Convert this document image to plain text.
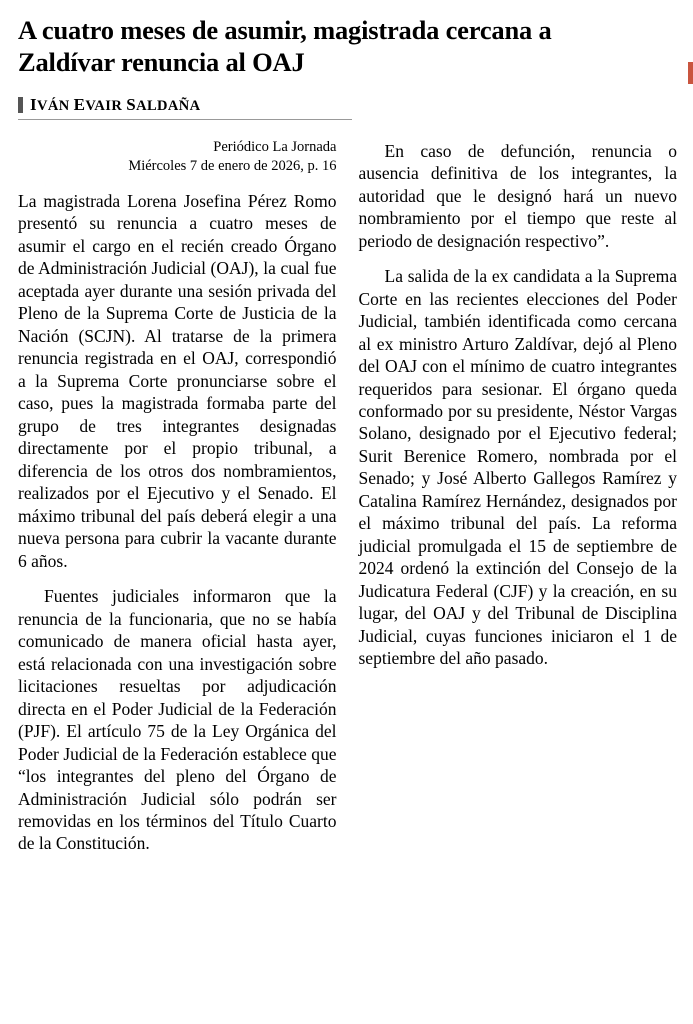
A cuatro meses de asumir, magistrada cercana a Zaldívar renuncia al OAJ
IVÁN EVAIR SALDAÑA
Periódico La Jornada
Miércoles 7 de enero de 2026, p. 16

La magistrada Lorena Josefina Pérez Romo presentó su renuncia a cuatro meses de asumir el cargo en el recién creado Órgano de Administración Judicial (OAJ), la cual fue aceptada ayer durante una sesión privada del Pleno de la Suprema Corte de Justicia de la Nación (SCJN). Al tratarse de la primera renuncia registrada en el OAJ, correspondió a la Suprema Corte pronunciarse sobre el caso, pues la magistrada formaba parte del grupo de tres integrantes designadas directamente por el propio tribunal, a diferencia de los otros dos nombramientos, realizados por el Ejecutivo y el Senado. El máximo tribunal del país deberá elegir a una nueva persona para cubrir la vacante durante 6 años.

Fuentes judiciales informaron que la renuncia de la funcionaria, que no se había comunicado de manera oficial hasta ayer, está relacionada con una investigación sobre licitaciones resueltas por adjudicación directa en el Poder Judicial de la Federación (PJF). El artículo 75 de la Ley Orgánica del Poder Judicial de la Federación establece que “los integrantes del pleno del Órgano de Administración Judicial sólo podrán ser removidas en los términos del Título Cuarto de la Constitución.

En caso de defunción, renuncia o ausencia definitiva de los integrantes, la autoridad que le designó hará un nuevo nombramiento por el tiempo que reste al periodo de designación respectivo”.

La salida de la ex candidata a la Suprema Corte en las recientes elecciones del Poder Judicial, también identificada como cercana al ex ministro Arturo Zaldívar, dejó al Pleno del OAJ con el mínimo de cuatro integrantes requeridos para sesionar. El órgano queda conformado por su presidente, Néstor Vargas Solano, designado por el Ejecutivo federal; Surit Berenice Romero, nombrada por el Senado; y José Alberto Gallegos Ramírez y Catalina Ramírez Hernández, designados por el máximo tribunal del país. La reforma judicial promulgada el 15 de septiembre de 2024 ordenó la extinción del Consejo de la Judicatura Federal (CJF) y la creación, en su lugar, del OAJ y del Tribunal de Disciplina Judicial, cuyas funciones iniciaron el 1 de septiembre del año pasado.
